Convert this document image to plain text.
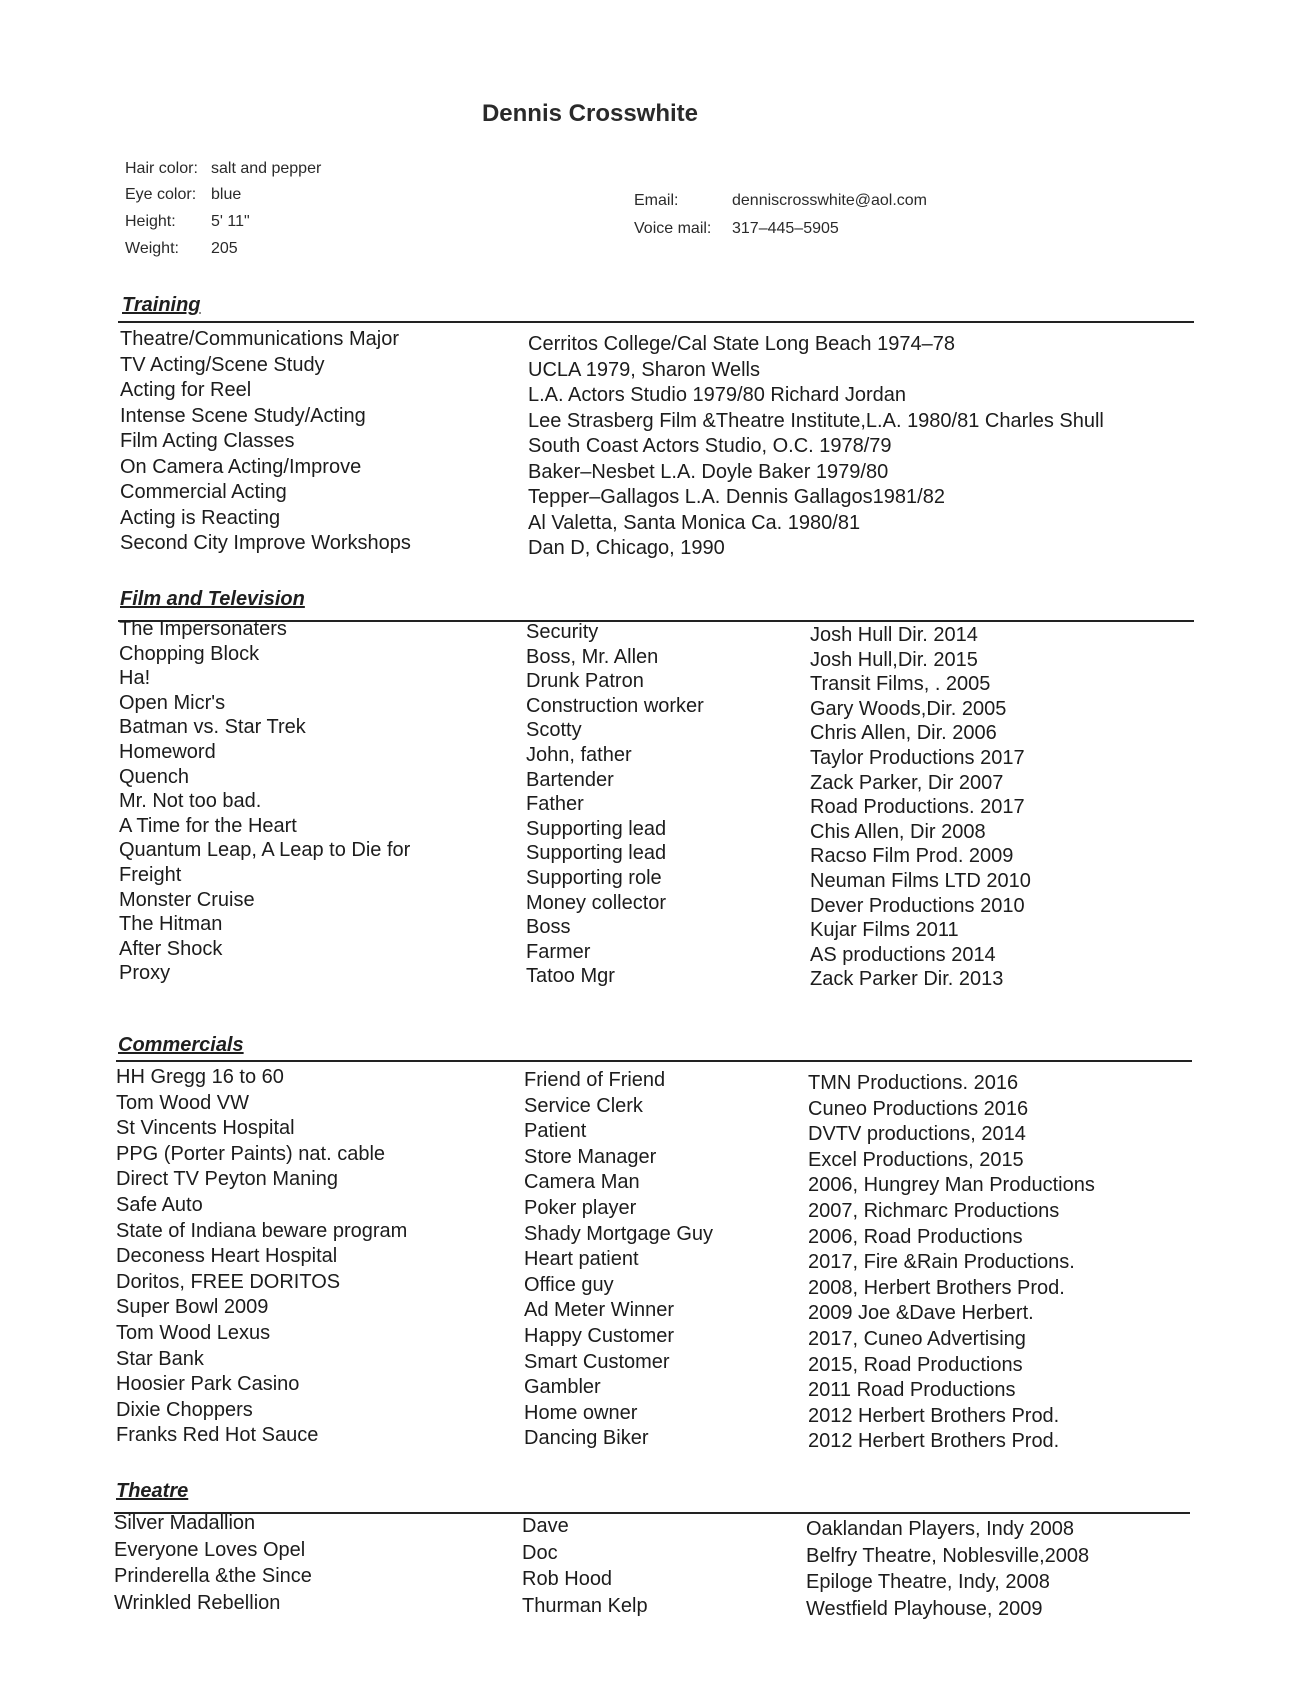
Dennis Crosswhite
Hair color: salt and pepper
Eye color: blue
Height: 5' 11"
Weight: 205
Email:	denniscrosswhite@aol.com
Voice mail: 317–445–5905
Training
Theatre/Communications Major
TV Acting/Scene Study
Acting for Reel
Intense Scene Study/Acting
Film Acting Classes
On Camera Acting/Improve
Commercial Acting
Acting is Reacting
Second City Improve Workshops
Cerritos College/Cal State Long Beach 1974–78
UCLA 1979, Sharon Wells
L.A. Actors Studio 1979/80 Richard Jordan
Lee Strasberg Film &Theatre Institute,L.A. 1980/81 Charles Shull
South Coast Actors Studio, O.C. 1978/79
Baker–Nesbet L.A. Doyle Baker 1979/80
Tepper–Gallagos L.A. Dennis Gallagos1981/82
Al Valetta, Santa Monica Ca. 1980/81
Dan D, Chicago, 1990
Film and Television
The Impersonaters
Chopping Block
Ha!
Open Micr's
Batman vs. Star Trek
Homeword
Quench
Mr. Not too bad.
A Time for the Heart
Quantum Leap, A Leap to Die for
Freight
Monster Cruise
The Hitman
After Shock
Proxy
Security
Boss, Mr. Allen
Drunk Patron
Construction worker
Scotty
John, father
Bartender
Father
Supporting lead
Supporting lead
Supporting role
Money collector
Boss
Farmer
Tatoo Mgr
Josh Hull Dir. 2014
Josh Hull,Dir. 2015
Transit Films, . 2005
Gary Woods,Dir. 2005
Chris Allen, Dir. 2006
Taylor Productions 2017
Zack Parker, Dir 2007
Road Productions. 2017
Chis Allen, Dir 2008
Racso Film Prod. 2009
Neuman Films LTD 2010
Dever Productions 2010
Kujar Films 2011
AS productions 2014
Zack Parker Dir. 2013
Commercials
HH Gregg 16 to 60
Tom Wood VW
St Vincents Hospital
PPG (Porter Paints) nat. cable
Direct TV Peyton Maning
Safe Auto
State of Indiana beware program
Deconess Heart Hospital
Doritos, FREE DORITOS
Super Bowl 2009
Tom Wood Lexus
Star Bank
Hoosier Park Casino
Dixie Choppers
Franks Red Hot Sauce
Friend of Friend
Service Clerk
Patient
Store Manager
Camera Man
Poker player
Shady Mortgage Guy
Heart patient
Office guy
Ad Meter Winner
Happy Customer
Smart Customer
Gambler
Home owner
Dancing Biker
TMN Productions. 2016
Cuneo Productions 2016
DVTV productions, 2014
Excel Productions, 2015
2006, Hungrey Man Productions
2007, Richmarc Productions
2006, Road Productions
2017, Fire &Rain Productions.
2008, Herbert Brothers Prod.
2009 Joe &Dave Herbert.
2017, Cuneo Advertising
2015, Road Productions
2011 Road Productions
2012 Herbert Brothers Prod.
2012 Herbert Brothers Prod.
Theatre
Silver Madallion
Everyone Loves Opel
Prinderella &the Since
Wrinkled Rebellion
Dave
Doc
Rob Hood
Thurman Kelp
Oaklandan Players, Indy 2008
Belfry Theatre, Noblesville,2008
Epiloge Theatre, Indy, 2008
Westfield Playhouse, 2009
